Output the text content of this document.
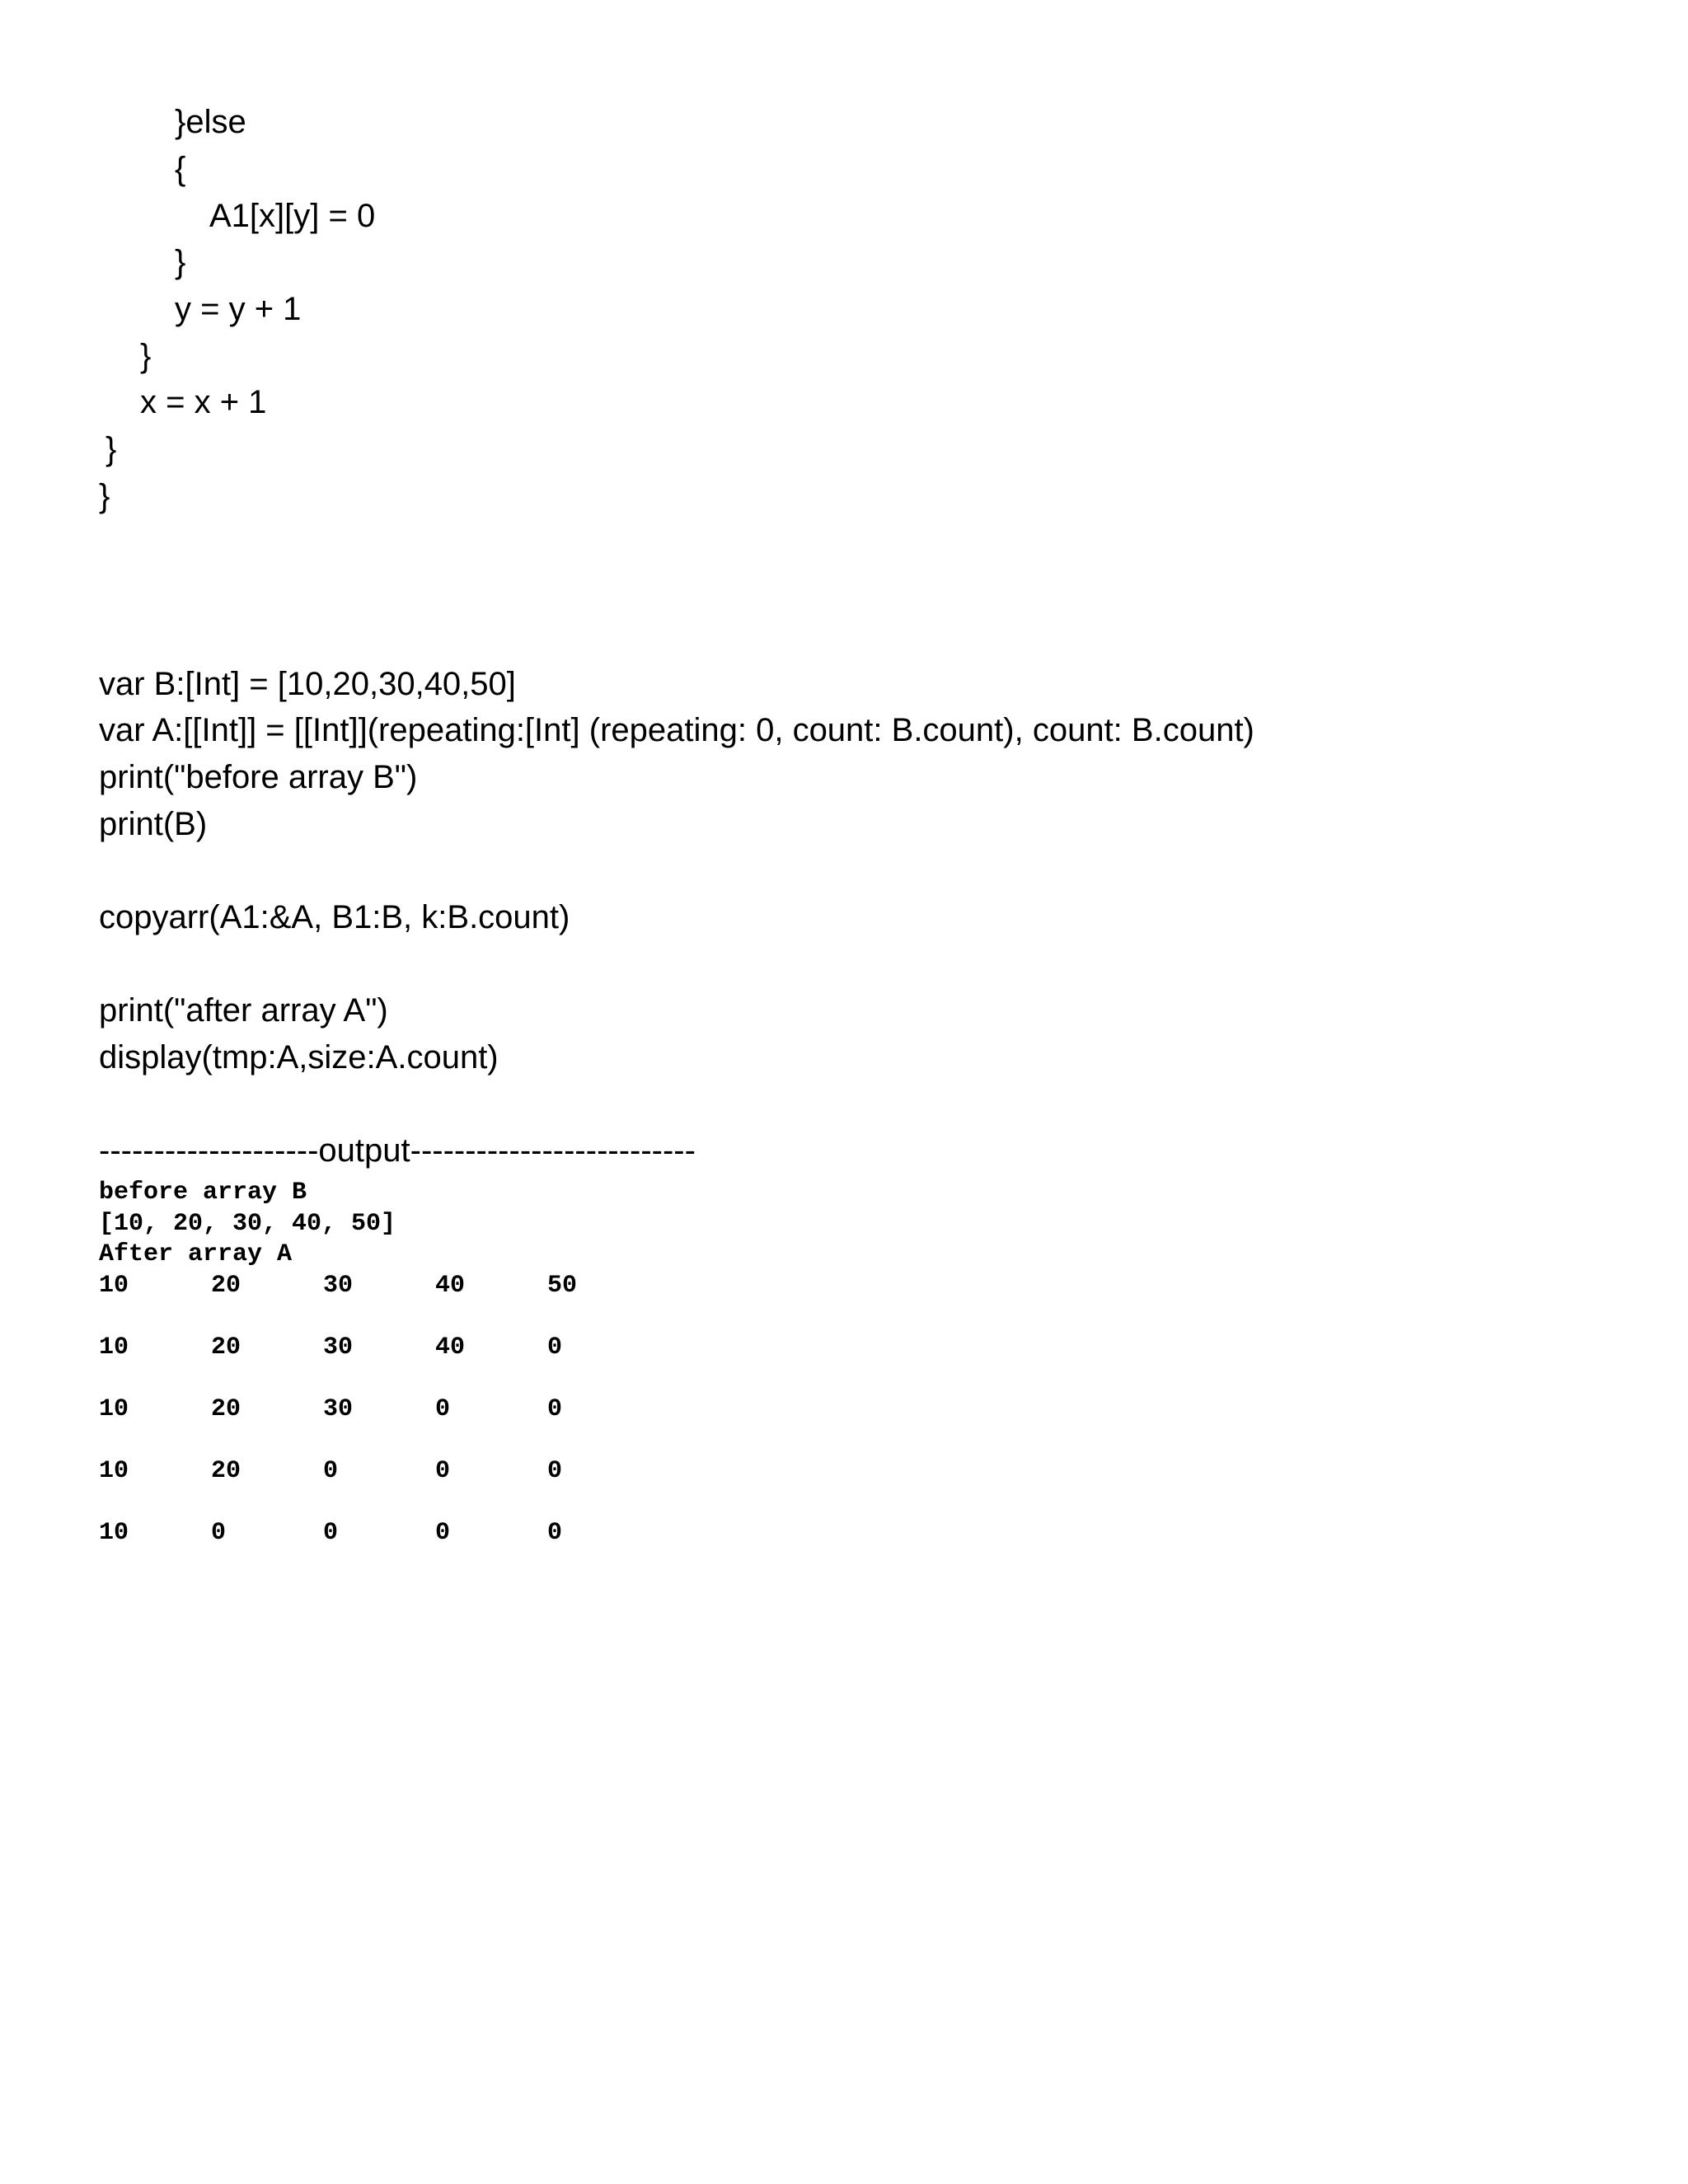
}else
{
A1[x][y] = 0
}
y = y + 1
}
x = x + 1
}
}
var B:[Int] = [10,20,30,40,50]
var A:[[Int]] = [[Int]](repeating:[Int] (repeating: 0, count: B.count), count: B.count)
print("before array B")
print(B)
copyarr(A1:&A, B1:B, k:B.count)
print("after array A")
display(tmp:A,size:A.count)
--------------------output--------------------------
before array B
[10, 20, 30, 40, 50]
After array A
10	20	30	40	50
10	20	30	40	0
10	20	30	0	0
10	20	0	0	0
10	0	0	0	0
